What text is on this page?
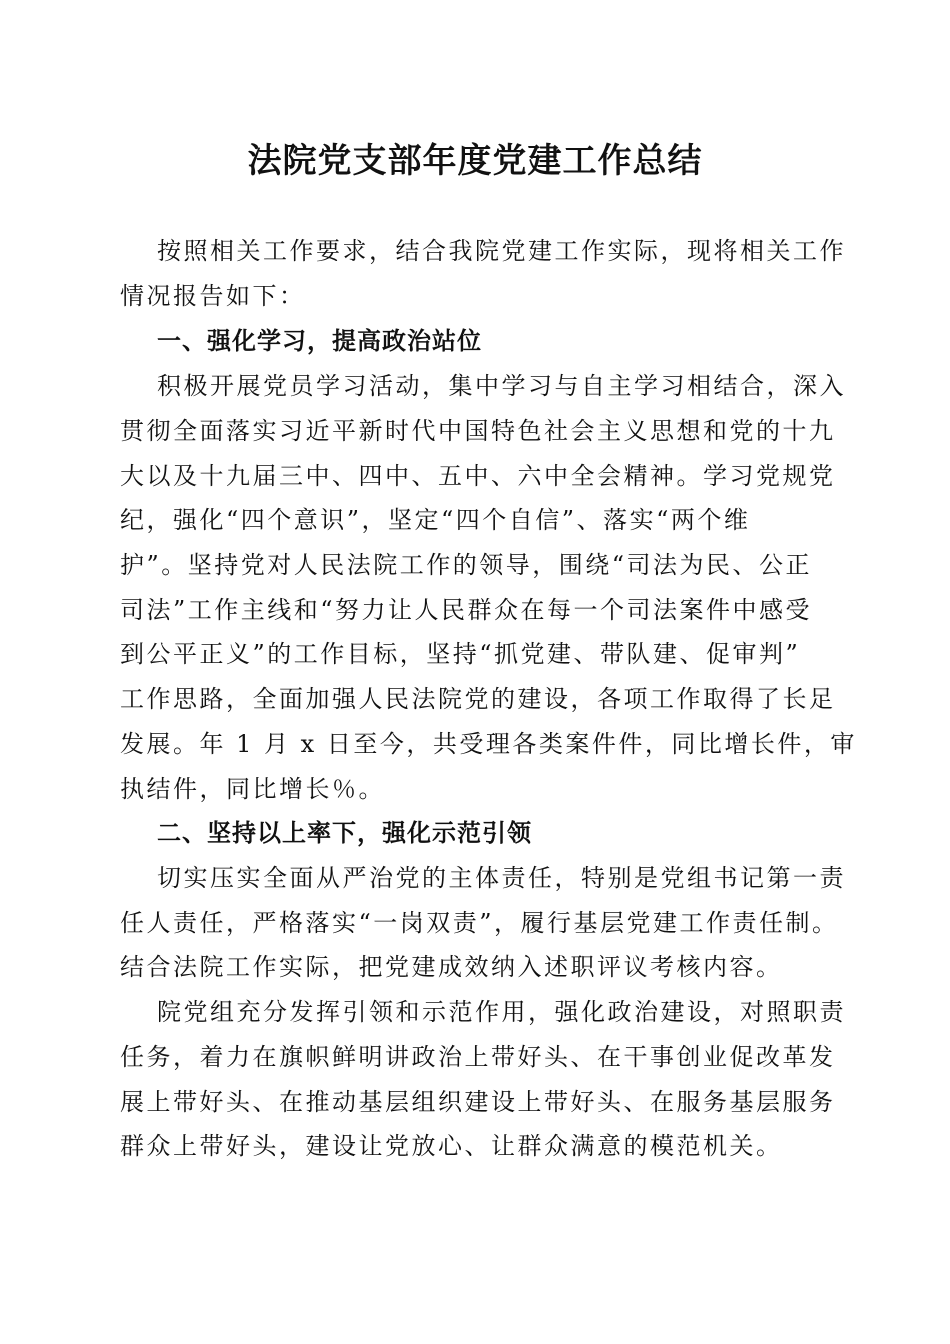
法院党支部年度党建工作总结
按照相关工作要求，结合我院党建工作实际，现将相关工作
情况报告如下：
一、强化学习，提高政治站位
积极开展党员学习活动，集中学习与自主学习相结合，深入
贯彻全面落实习近平新时代中国特色社会主义思想和党的十九
大以及十九届三中、四中、五中、六中全会精神。学习党规党
纪，强化“四个意识”，坚定“四个自信”、落实“两个维
护”。坚持党对人民法院工作的领导，围绕“司法为民、公正
司法”工作主线和“努力让人民群众在每一个司法案件中感受
到公平正义”的工作目标，坚持“抓党建、带队建、促审判”
工作思路，全面加强人民法院党的建设，各项工作取得了长足
发展。年 1 月 x 日至今，共受理各类案件件，同比增长件，审
执结件，同比增长％。
二、坚持以上率下，强化示范引领
切实压实全面从严治党的主体责任，特别是党组书记第一责
任人责任，严格落实“一岗双责”，履行基层党建工作责任制。
结合法院工作实际，把党建成效纳入述职评议考核内容。
院党组充分发挥引领和示范作用，强化政治建设，对照职责
任务，着力在旗帜鲜明讲政治上带好头、在干事创业促改革发
展上带好头、在推动基层组织建设上带好头、在服务基层服务
群众上带好头，建设让党放心、让群众满意的模范机关。
